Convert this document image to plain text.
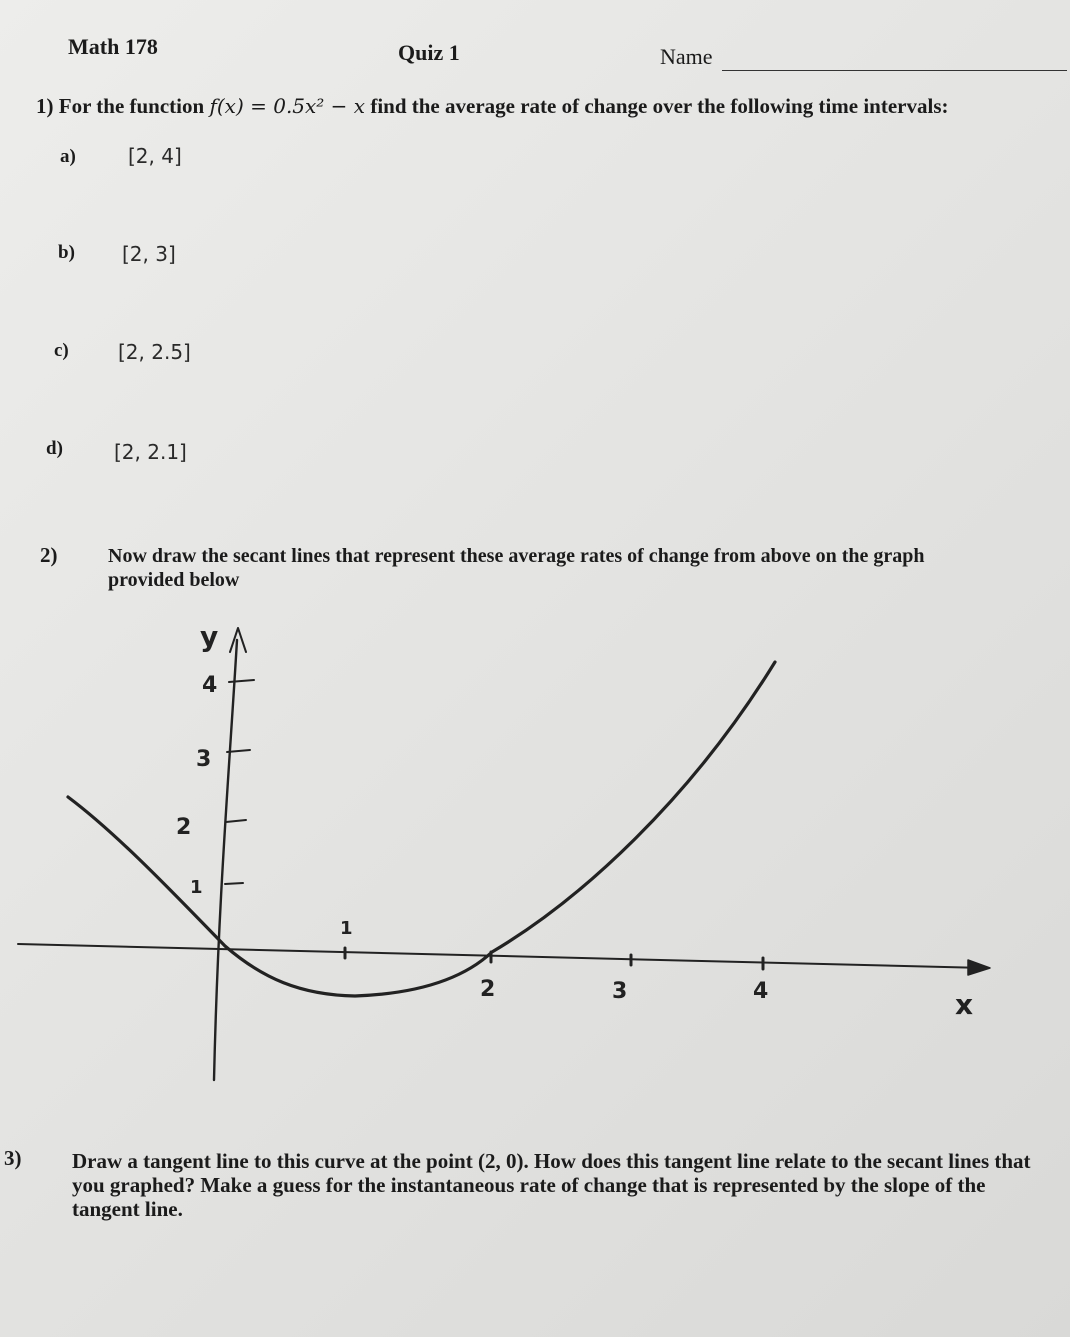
Math 178	Quiz 1	Name
1) For the function f(x) = 0.5x² − x find the average rate of change over the following time intervals:
a)	[2, 4]
b) [2, 3]
c) [2, 2.5]
d)	[2, 2.1]
2)	Now draw the secant lines that represent these average rates of change from above on the graph provided below
y
4
3
2
1
1
2	3	4	x
3) Draw a tangent line to this curve at the point (2, 0). How does this tangent line relate to the secant lines that you graphed? Make a guess for the instantaneous rate of change that is represented by the slope of the tangent line.
